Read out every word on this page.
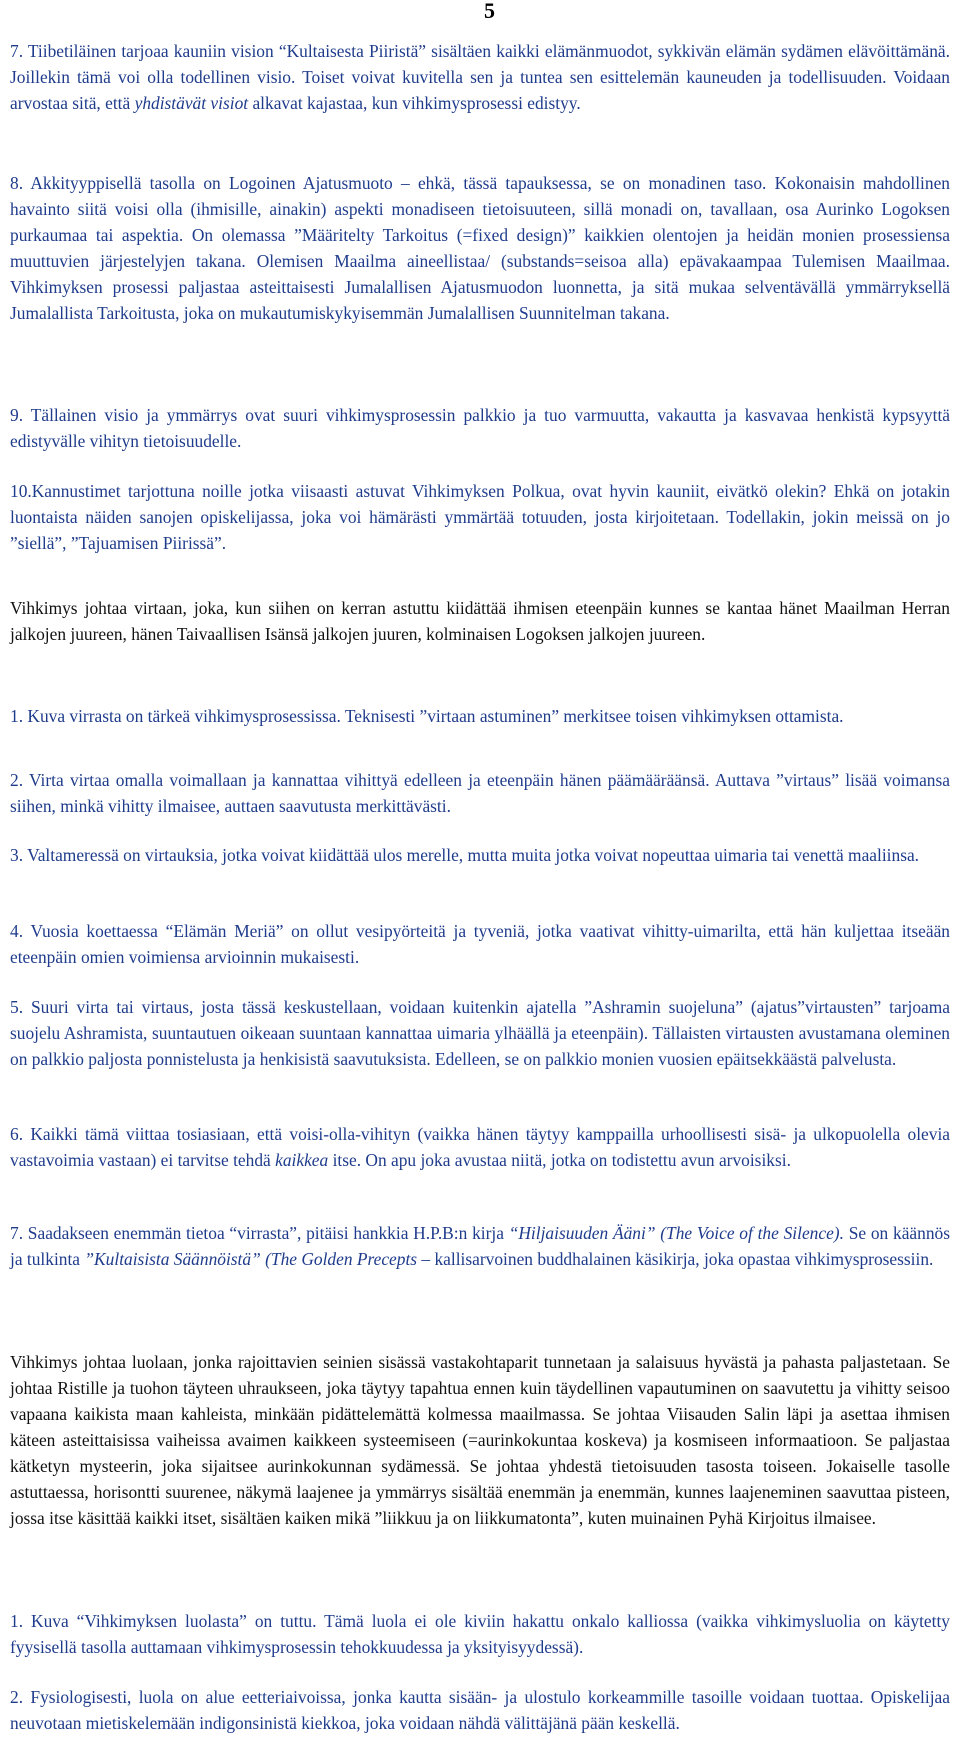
5

7. Tiibetiläinen tarjoaa kauniin vision “Kultaisesta Piiristä” sisältäen kaikki elämänmuodot, sykkivän elämän sydämen elävöittämänä. Joillekin tämä voi olla todellinen visio. Toiset voivat kuvitella sen ja tuntea sen esittelemän kauneuden ja todellisuuden. Voidaan arvostaa sitä, että yhdistävät visiot alkavat kajastaa, kun vihkimysprosessi edistyy.

8. Akkityyppisellä tasolla on Logoinen Ajatusmuoto – ehkä, tässä tapauksessa, se on monadinen taso. Kokonaisin mahdollinen havainto siitä voisi olla (ihmisille, ainakin) aspekti monadiseen tietoisuuteen, sillä monadi on, tavallaan, osa Aurinko Logoksen purkaumaa tai aspektia. On olemassa ”Määritelty Tarkoitus (=fixed design)” kaikkien olentojen ja heidän monien prosessiensa muuttuvien järjestelyjen takana. Olemisen Maailma aineellistaa/ (substands=seisoa alla) epävakaampaa Tulemisen Maailmaa. Vihkimyksen prosessi paljastaa asteittaisesti Jumalallisen Ajatusmuodon luonnetta, ja sitä mukaa selventävällä ymmärryksellä Jumalallista Tarkoitusta, joka on mukautumiskykyisemmän Jumalallisen Suunnitelman takana.

9. Tällainen visio ja ymmärrys ovat suuri vihkimysprosessin palkkio ja tuo varmuutta, vakautta ja kasvavaa henkistä kypsyyttä edistyvälle vihityn tietoisuudelle.

10.Kannustimet tarjottuna noille jotka viisaasti astuvat Vihkimyksen Polkua, ovat hyvin kauniit, eivätkö olekin? Ehkä on jotakin luontaista näiden sanojen opiskelijassa, joka voi hämärästi ymmärtää totuuden, josta kirjoitetaan. Todellakin, jokin meissä on jo ”siellä”, ”Tajuamisen Piirissä”.

Vihkimys johtaa virtaan, joka, kun siihen on kerran astuttu kiidättää ihmisen eteenpäin kunnes se kantaa hänet Maailman Herran jalkojen juureen, hänen Taivaallisen Isänsä jalkojen juuren, kolminaisen Logoksen jalkojen juureen.

1. Kuva virrasta on tärkeä vihkimysprosessissa. Teknisesti ”virtaan astuminen” merkitsee toisen vihkimyksen ottamista.

2. Virta virtaa omalla voimallaan ja kannattaa vihittyä edelleen ja eteenpäin hänen päämääräänsä. Auttava ”virtaus” lisää voimansa siihen, minkä vihitty ilmaisee, auttaen saavutusta merkittävästi.

3. Valtameressä on virtauksia, jotka voivat kiidättää ulos merelle, mutta muita jotka voivat nopeuttaa uimaria tai venettä maaliinsa.

4. Vuosia koettaessa “Elämän Meriä” on ollut vesipyörteitä ja tyveniä, jotka vaativat vihitty-uimarilta, että hän kuljettaa itseään eteenpäin omien voimiensa arvioinnin mukaisesti.

5. Suuri virta tai virtaus, josta tässä keskustellaan, voidaan kuitenkin ajatella ”Ashramin suojeluna” (ajatus”virtausten” tarjoama suojelu Ashramista, suuntautuen oikeaan suuntaan kannattaa uimaria ylhäällä ja eteenpäin). Tällaisten virtausten avustamana oleminen on palkkio paljosta ponnistelusta ja henkisistä saavutuksista. Edelleen, se on palkkio monien vuosien epäitsekkäästä palvelusta.

6. Kaikki tämä viittaa tosiasiaan, että voisi-olla-vihityn (vaikka hänen täytyy kamppailla urhoollisesti sisä- ja ulkopuolella olevia vastavoimia vastaan) ei tarvitse tehdä kaikkea itse. On apu joka avustaa niitä, jotka on todistettu avun arvoisiksi.

7. Saadakseen enemmän tietoa “virrasta”, pitäisi hankkia H.P.B:n kirja “Hiljaisuuden Ääni” (The Voice of the Silence). Se on käännös ja tulkinta ”Kultaisista Säännöistä” (The Golden Precepts – kallisarvoinen buddhalainen käsikirja, joka opastaa vihkimysprosessiin.

Vihkimys johtaa luolaan, jonka rajoittavien seinien sisässä vastakohtaparit tunnetaan ja salaisuus hyvästä ja pahasta paljastetaan. Se johtaa Ristille ja tuohon täyteen uhraukseen, joka täytyy tapahtua ennen kuin täydellinen vapautuminen on saavutettu ja vihitty seisoo vapaana kaikista maan kahleista, minkään pidättelemättä kolmessa maailmassa. Se johtaa Viisauden Salin läpi ja asettaa ihmisen käteen asteittaisissa vaiheissa avaimen kaikkeen systeemiseen (=aurinkokuntaa koskeva) ja kosmiseen informaatioon. Se paljastaa kätketyn mysteerin, joka sijaitsee aurinkokunnan sydämessä. Se johtaa yhdestä tietoisuuden tasosta toiseen. Jokaiselle tasolle astuttaessa, horisontti suurenee, näkymä laajenee ja ymmärrys sisältää enemmän ja enemmän, kunnes laajeneminen saavuttaa pisteen, jossa itse käsittää kaikki itset, sisältäen kaiken mikä ”liikkuu ja on liikkumatonta”, kuten muinainen Pyhä Kirjoitus ilmaisee.

1. Kuva “Vihkimyksen luolasta” on tuttu. Tämä luola ei ole kiviin hakattu onkalo kalliossa (vaikka vihkimysluolia on käytetty fyysisellä tasolla auttamaan vihkimysprosessin tehokkuudessa ja yksityisyydessä).

2. Fysiologisesti, luola on alue eetteriaivoissa, jonka kautta sisään- ja ulostulo korkeammille tasoille voidaan tuottaa. Opiskelijaa neuvotaan mietiskelemään indigonsinistä kiekkoa, joka voidaan nähdä välittäjänä pään keskellä.
